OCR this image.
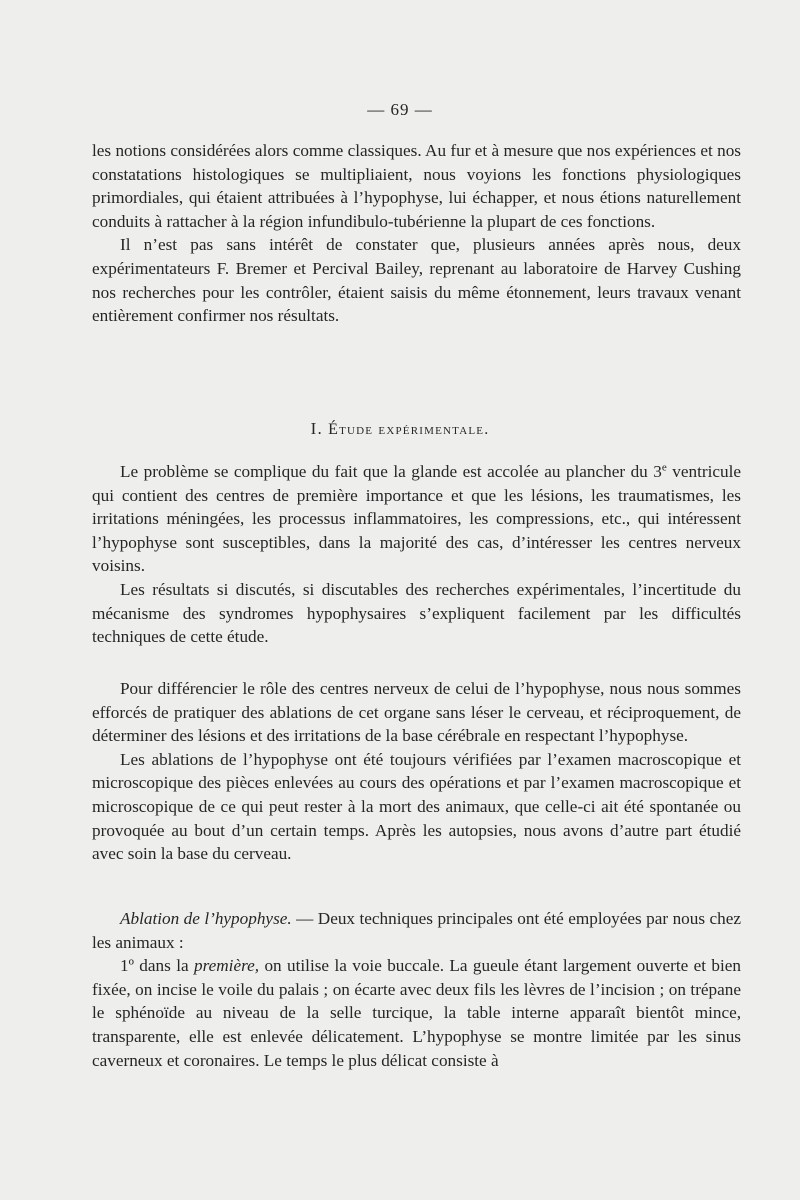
— 69 —

les notions considérées alors comme classiques. Au fur et à mesure que nos expériences et nos constatations histologiques se multipliaient, nous voyions les fonctions physiologiques primordiales, qui étaient attribuées à l’hypophyse, lui échapper, et nous étions naturellement conduits à rattacher à la région infundibulo-tubérienne la plupart de ces fonctions.

Il n’est pas sans intérêt de constater que, plusieurs années après nous, deux expérimentateurs F. Bremer et Percival Bailey, reprenant au laboratoire de Harvey Cushing nos recherches pour les contrôler, étaient saisis du même étonnement, leurs travaux venant entièrement confirmer nos résultats.

I. Étude expérimentale.

Le problème se complique du fait que la glande est accolée au plancher du 3e ventricule qui contient des centres de première importance et que les lésions, les traumatismes, les irritations méningées, les processus inflammatoires, les compressions, etc., qui intéressent l’hypophyse sont susceptibles, dans la majorité des cas, d’intéresser les centres nerveux voisins.

Les résultats si discutés, si discutables des recherches expérimentales, l’incertitude du mécanisme des syndromes hypophysaires s’expliquent facilement par les difficultés techniques de cette étude.

Pour différencier le rôle des centres nerveux de celui de l’hypophyse, nous nous sommes efforcés de pratiquer des ablations de cet organe sans léser le cerveau, et réciproquement, de déterminer des lésions et des irritations de la base cérébrale en respectant l’hypophyse.

Les ablations de l’hypophyse ont été toujours vérifiées par l’examen macroscopique et microscopique des pièces enlevées au cours des opérations et par l’examen macroscopique et microscopique de ce qui peut rester à la mort des animaux, que celle-ci ait été spontanée ou provoquée au bout d’un certain temps. Après les autopsies, nous avons d’autre part étudié avec soin la base du cerveau.

Ablation de l’hypophyse. — Deux techniques principales ont été employées par nous chez les animaux :

1º dans la première, on utilise la voie buccale. La gueule étant largement ouverte et bien fixée, on incise le voile du palais ; on écarte avec deux fils les lèvres de l’incision ; on trépane le sphénoïde au niveau de la selle turcique, la table interne apparaît bientôt mince, transparente, elle est enlevée délicatement. L’hypophyse se montre limitée par les sinus caverneux et coronaires. Le temps le plus délicat consiste à
